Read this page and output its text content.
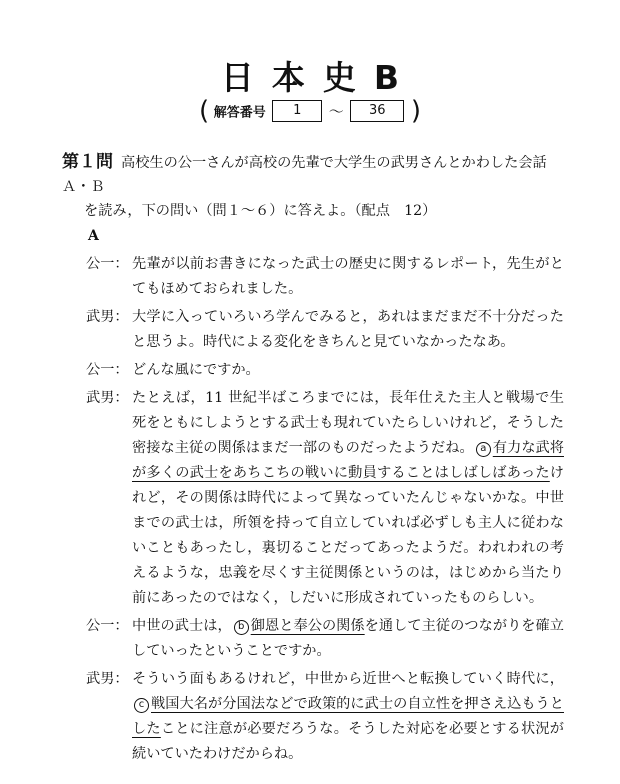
日本史B
( 解答番号 1 ～ 36 )
第１問 高校生の公一さんが高校の先輩で大学生の武男さんとかわした会話Ａ・Ｂ
を読み，下の問い（問１～６）に答えよ。（配点　12）
A
公一： 先輩が以前お書きになった武士の歴史に関するレポート，先生がとてもほめておられました。
武男： 大学に入っていろいろ学んでみると，あれはまだまだ不十分だったと思うよ。時代による変化をきちんと見ていなかったなあ。
公一： どんな風にですか。
武男： たとえば，11 世紀半ばころまでには，長年仕えた主人と戦場で生死をともにしようとする武士も現れていたらしいけれど，そうした密接な主従の関係はまだ一部のものだったようだね。 a 有力な武将が多くの武士をあちこちの戦いに動員することはしばしばあったけれど，その関係は時代によって異なっていたんじゃないかな。中世までの武士は，所領を持って自立していれば必ずしも主人に従わないこともあったし，裏切ることだってあったようだ。われわれの考えるような，忠義を尽くす主従関係というのは，はじめから当たり前にあったのではなく，しだいに形成されていったものらしい。
公一： 中世の武士は， b 御恩と奉公の関係を通して主従のつながりを確立していったということですか。
武男： そういう面もあるけれど，中世から近世へと転換していく時代に，c 戦国大名が分国法などで政策的に武士の自立性を押さえ込もうとしたことに注意が必要だろうな。そうした対応を必要とする状況が続いていたわけだからね。
